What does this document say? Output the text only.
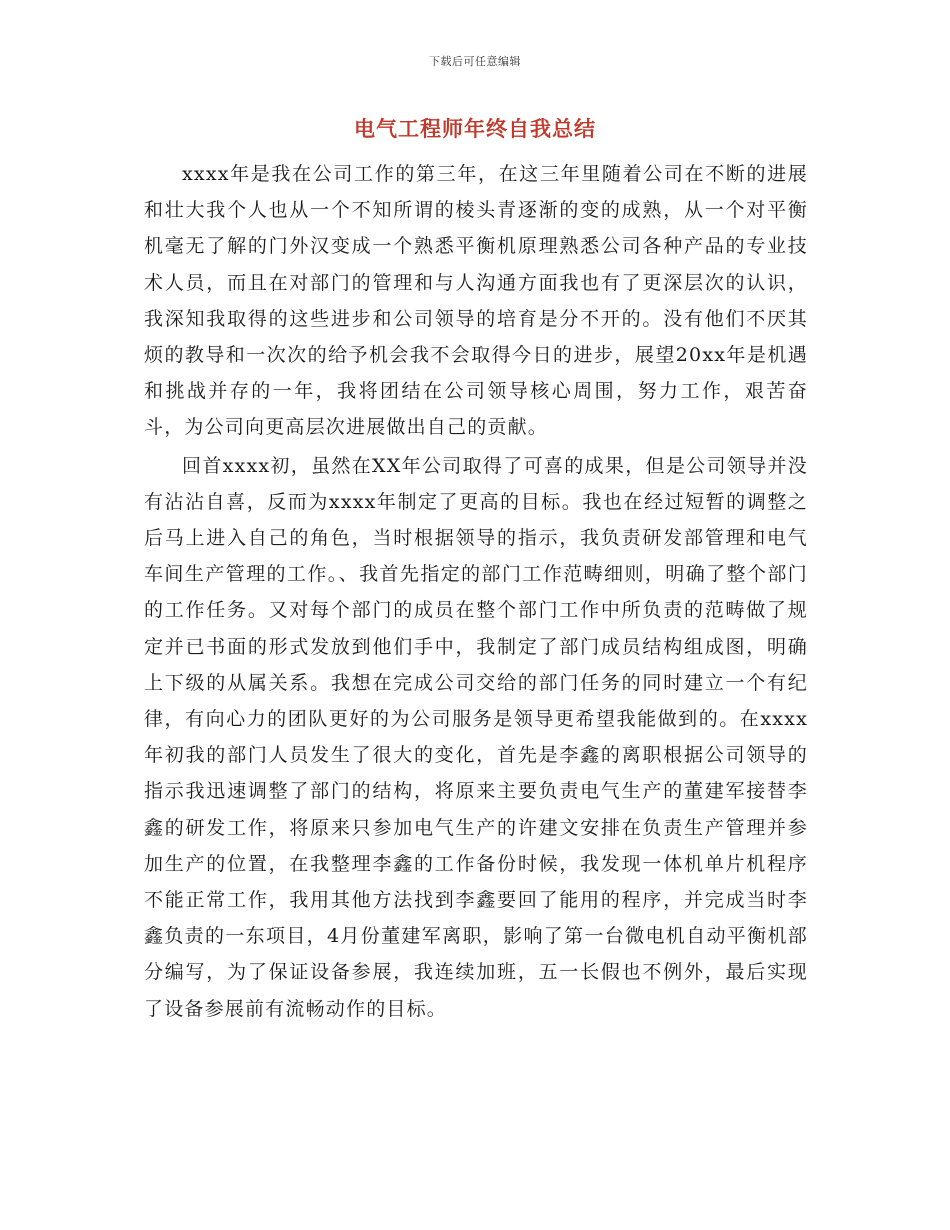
下载后可任意编辑
电气工程师年终自我总结

xxxx年是我在公司工作的第三年，在这三年里随着公司在不断的进展和壮大我个人也从一个不知所谓的棱头青逐渐的变的成熟，从一个对平衡机毫无了解的门外汉变成一个熟悉平衡机原理熟悉公司各种产品的专业技术人员，而且在对部门的管理和与人沟通方面我也有了更深层次的认识，我深知我取得的这些进步和公司领导的培育是分不开的。没有他们不厌其烦的教导和一次次的给予机会我不会取得今日的进步，展望20xx年是机遇和挑战并存的一年，我将团结在公司领导核心周围，努力工作，艰苦奋斗，为公司向更高层次进展做出自己的贡献。

回首xxxx初，虽然在XX年公司取得了可喜的成果，但是公司领导并没有沾沾自喜，反而为xxxx年制定了更高的目标。我也在经过短暂的调整之后马上进入自己的角色，当时根据领导的指示，我负责研发部管理和电气车间生产管理的工作。、我首先指定的部门工作范畴细则，明确了整个部门的工作任务。又对每个部门的成员在整个部门工作中所负责的范畴做了规定并已书面的形式发放到他们手中，我制定了部门成员结构组成图，明确上下级的从属关系。我想在完成公司交给的部门任务的同时建立一个有纪律，有向心力的团队更好的为公司服务是领导更希望我能做到的。在xxxx年初我的部门人员发生了很大的变化，首先是李鑫的离职根据公司领导的指示我迅速调整了部门的结构，将原来主要负责电气生产的董建军接替李鑫的研发工作，将原来只参加电气生产的许建文安排在负责生产管理并参加生产的位置，在我整理李鑫的工作备份时候，我发现一体机单片机程序不能正常工作，我用其他方法找到李鑫要回了能用的程序，并完成当时李鑫负责的一东项目，4月份董建军离职，影响了第一台微电机自动平衡机部分编写，为了保证设备参展，我连续加班，五一长假也不例外，最后实现了设备参展前有流畅动作的目标。
